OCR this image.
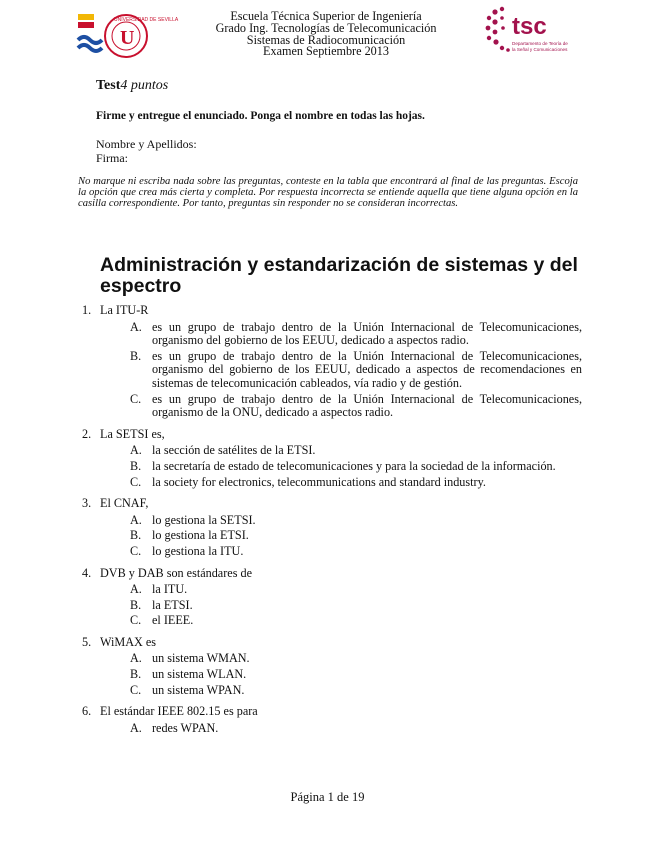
U
UNIVERSIDAD DE SEVILLA	Escuela Técnica Superior de Ingeniería
Grado Ing. Tecnologías de Telecomunicación
Sistemas de Radiocomunicación
Examen Septiembre 2013
tsc
Departamento de Teoría de
la Señal y Comunicaciones
Test4 puntos
Firme y entregue el enunciado. Ponga el nombre en todas las hojas.
Nombre y Apellidos:
Firma:
No marque ni escriba nada sobre las preguntas, conteste en la tabla que encontrará al final de las preguntas. Escoja la opción que crea más cierta y completa. Por respuesta incorrecta se entiende aquella que tiene alguna opción en la casilla correspondiente. Por tanto, preguntas sin responder no se consideran incorrectas.
Administración y estandarización de sistemas y del espectro
1. La ITU-R
A. es un grupo de trabajo dentro de la Unión Internacional de Telecomunicaciones, organismo del gobierno de los EEUU, dedicado a aspectos radio.
B. es un grupo de trabajo dentro de la Unión Internacional de Telecomunicaciones, organismo del gobierno de los EEUU, dedicado a aspectos de recomendaciones en sistemas de telecomunicación cableados, vía radio y de gestión.
C. es un grupo de trabajo dentro de la Unión Internacional de Telecomunicaciones, organismo de la ONU, dedicado a aspectos radio.
2. La SETSI es,
A. la sección de satélites de la ETSI.
B. la secretaría de estado de telecomunicaciones y para la sociedad de la información.
C. la society for electronics, telecommunications and standard industry.
3. El CNAF,
A. lo gestiona la SETSI.
B. lo gestiona la ETSI.
C. lo gestiona la ITU.
4. DVB y DAB son estándares de
A. la ITU.
B. la ETSI.
C. el IEEE.
5. WiMAX es
A. un sistema WMAN.
B. un sistema WLAN.
C. un sistema WPAN.
6. El estándar IEEE 802.15 es para
A. redes WPAN.
Página 1 de 19
